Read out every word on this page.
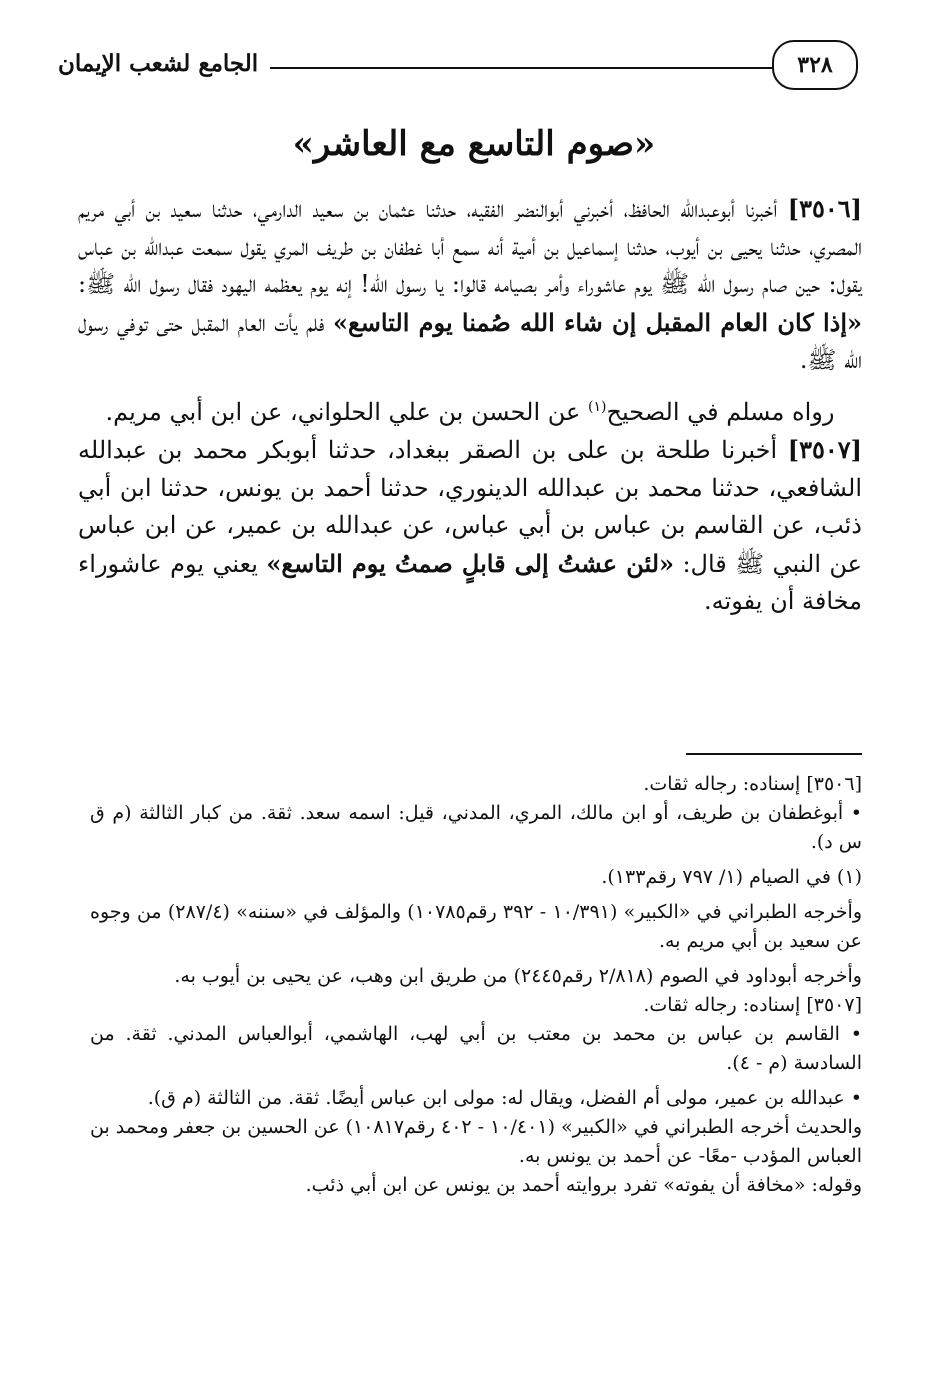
٣٢٨
الجامع لشعب الإيمان
«صوم التاسع مع العاشر»

[٣٥٠٦] أخبرنا أبوعبدالله الحافظ، أخبرني أبوالنضر الفقيه، حدثنا عثمان بن سعيد الدارمي، حدثنا سعيد بن أبي مريم المصري، حدثنا يحيى بن أيوب، حدثنا إسماعيل بن أمية أنه سمع أبا غطفان بن طريف المري يقول سمعت عبدالله بن عباس يقول: حين صام رسول الله ﷺ يوم عاشوراء وأمر بصيامه قالوا: يا رسول الله! إنه يوم يعظمه اليهود فقال رسول الله ﷺ: «إذا كان العام المقبل إن شاء الله صُمنا يوم التاسع» فلم يأت العام المقبل حتى توفي رسول الله ﷺ.

رواه مسلم في الصحيح$^{(١)}$ عن الحسن بن علي الحلواني، عن ابن أبي مريم.

[٣٥٠٧] أخبرنا طلحة بن على بن الصقر ببغداد، حدثنا أبوبكر محمد بن عبدالله الشافعي، حدثنا محمد بن عبدالله الدينوري، حدثنا أحمد بن يونس، حدثنا ابن أبي ذئب، عن القاسم بن عباس بن أبي عباس، عن عبدالله بن عمير، عن ابن عباس عن النبي ﷺ قال: «لئن عشتُ إلى قابلٍ صمتُ يوم التاسع» يعني يوم عاشوراء مخافة أن يفوته.

[٣٥٠٦] إسناده: رجاله ثقات.

• أبوغطفان بن طريف، أو ابن مالك، المري، المدني، قيل: اسمه سعد. ثقة. من كبار الثالثة (م ق س د).

(١) في الصيام (١/ ٧٩٧ رقم١٣٣).

وأخرجه الطبراني في «الكبير» (١٠/٣٩١ - ٣٩٢ رقم١٠٧٨٥) والمؤلف في «سننه» (٢٨٧/٤) من وجوه عن سعيد بن أبي مريم به.

وأخرجه أبوداود في الصوم (٢/٨١٨ رقم٢٤٤٥) من طريق ابن وهب، عن يحيى بن أيوب به.

[٣٥٠٧] إسناده: رجاله ثقات.

• القاسم بن عباس بن محمد بن معتب بن أبي لهب، الهاشمي، أبوالعباس المدني. ثقة. من السادسة (م - ٤).

• عبدالله بن عمير، مولى أم الفضل، ويقال له: مولى ابن عباس أيضًا. ثقة. من الثالثة (م ق).

والحديث أخرجه الطبراني في «الكبير» (١٠/٤٠١ - ٤٠٢ رقم١٠٨١٧) عن الحسين بن جعفر ومحمد بن العباس المؤدب -معًا- عن أحمد بن يونس به.

وقوله: «مخافة أن يفوته» تفرد بروايته أحمد بن يونس عن ابن أبي ذئب.
